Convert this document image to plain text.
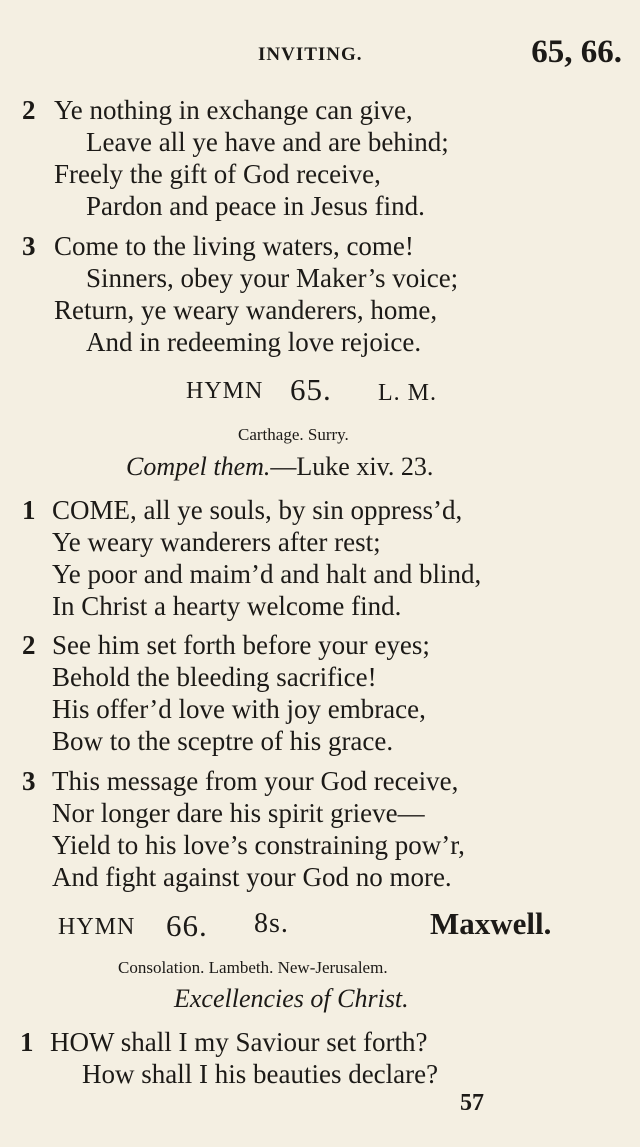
INVITING.	65, 66.
2 Ye nothing in exchange can give,
Leave all ye have and are behind;
Freely the gift of God receive,
Pardon and peace in Jesus find.
3 Come to the living waters, come!
Sinners, obey your Maker’s voice;
Return, ye weary wanderers, home,
And in redeeming love rejoice.
HYMN 65. L. M.
Carthage. Surry.
Compel them.—Luke xiv. 23.
1 COME, all ye souls, by sin oppress’d,
Ye weary wanderers after rest;
Ye poor and maim’d and halt and blind,
In Christ a hearty welcome find.
2 See him set forth before your eyes;
Behold the bleeding sacrifice!
His offer’d love with joy embrace,
Bow to the sceptre of his grace.
3 This message from your God receive,
Nor longer dare his spirit grieve—
Yield to his love’s constraining pow’r,
And fight against your God no more.
HYMN 66. 8s.	Maxwell.
Consolation. Lambeth. New-Jerusalem.
Excellencies of Christ.
1 HOW shall I my Saviour set forth?
How shall I his beauties declare?
57
